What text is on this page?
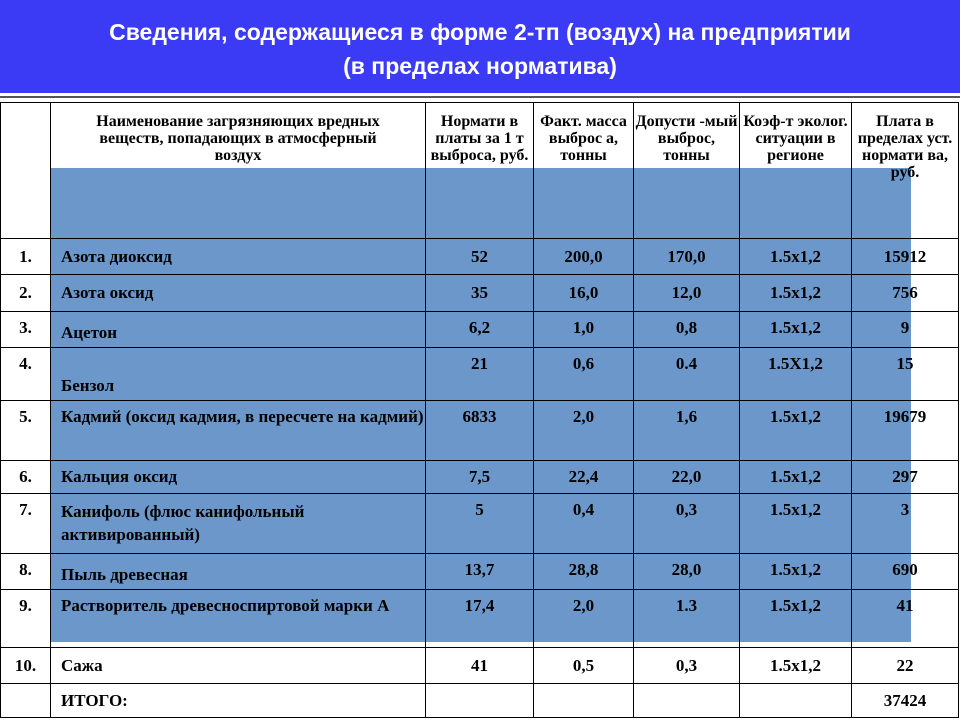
Сведения, содержащиеся в форме 2-тп (воздух) на предприятии
(в пределах норматива)
	Наименование загрязняющих вредных веществ, попадающих в атмосферный воздух	Нормати в платы за 1 т выброса, руб.	Факт. масса выброс а, тонны	Допусти -мый выброс, тонны	Коэф-т эколог. ситуации в регионе	Плата в пределах уст. нормати ва, руб.
1.	Азота диоксид	52	200,0	170,0	1.5x1,2	15912
2.	Азота оксид	35	16,0	12,0	1.5x1,2	756
3.	Ацетон	6,2	1,0	0,8	1.5x1,2	9
4.	Бензол	21	0,6	0.4	1.5X1,2	15
5.	Кадмий (оксид кадмия, в пересчете на кадмий)	6833	2,0	1,6	1.5x1,2	19679
6.	Кальция оксид	7,5	22,4	22,0	1.5x1,2	297
7.	Канифоль (флюс канифольный активированный)	5	0,4	0,3	1.5x1,2	3
8.	Пыль древесная	13,7	28,8	28,0	1.5x1,2	690
9.	Растворитель древесноспиртовой марки А	17,4	2,0	1.3	1.5x1,2	41
10.	Сажа	41	0,5	0,3	1.5x1,2	22
	ИТОГО:					37424
